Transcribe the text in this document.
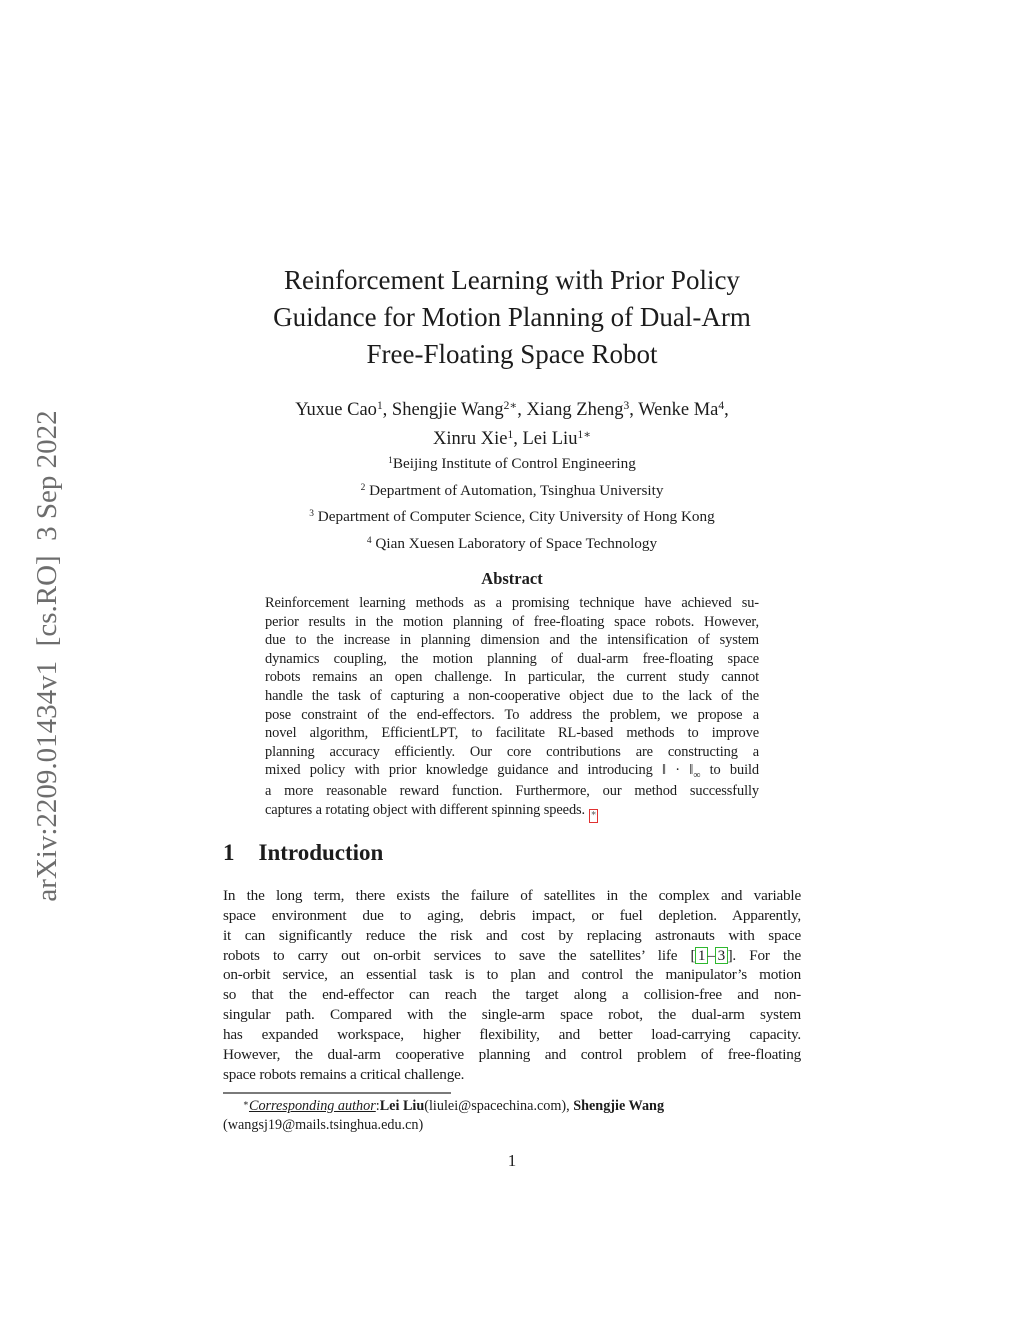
arXiv:2209.01434v1  [cs.RO]  3 Sep 2022
Reinforcement Learning with Prior Policy
Guidance for Motion Planning of Dual-Arm
Free-Floating Space Robot
Yuxue Cao$^1$, Shengjie Wang$^{2∗}$, Xiang Zheng$^3$, Wenke Ma$^4$,
Xinru Xie$^1$, Lei Liu$^{1∗}$
$^1$Beijing Institute of Control Engineering
$^2$ Department of Automation, Tsinghua University
$^3$ Department of Computer Science, City University of Hong Kong
$^4$ Qian Xuesen Laboratory of Space Technology
Abstract
Reinforcement learning methods as a promising technique have achieved su-
perior results in the motion planning of free-floating space robots. However,
due to the increase in planning dimension and the intensification of system
dynamics coupling, the motion planning of dual-arm free-floating space
robots remains an open challenge. In particular, the current study cannot
handle the task of capturing a non-cooperative object due to the lack of the
pose constraint of the end-effectors. To address the problem, we propose a
novel algorithm, EfficientLPT, to facilitate RL-based methods to improve
planning accuracy efficiently. Our core contributions are constructing a
mixed policy with prior knowledge guidance and introducing ‖ · $‖_\infty$ to build
a more reasonable reward function. Furthermore, our method successfully
captures a rotating object with different spinning speeds. ∗
1 Introduction
In the long term, there exists the failure of satellites in the complex and variable
space environment due to aging, debris impact, or fuel depletion. Apparently,
it can significantly reduce the risk and cost by replacing astronauts with space
robots to carry out on-orbit services to save the satellites’ life [ 1 – 3 ]. For the
on-orbit service, an essential task is to plan and control the manipulator’s motion
so that the end-effector can reach the target along a collision-free and non-
singular path. Compared with the single-arm space robot, the dual-arm system
has expanded workspace, higher flexibility, and better load-carrying capacity.
However, the dual-arm cooperative planning and control problem of free-floating
space robots remains a critical challenge.
∗Corresponding author:Lei Liu(liulei@spacechina.com), Shengjie Wang
(wangsj19@mails.tsinghua.edu.cn)
1
